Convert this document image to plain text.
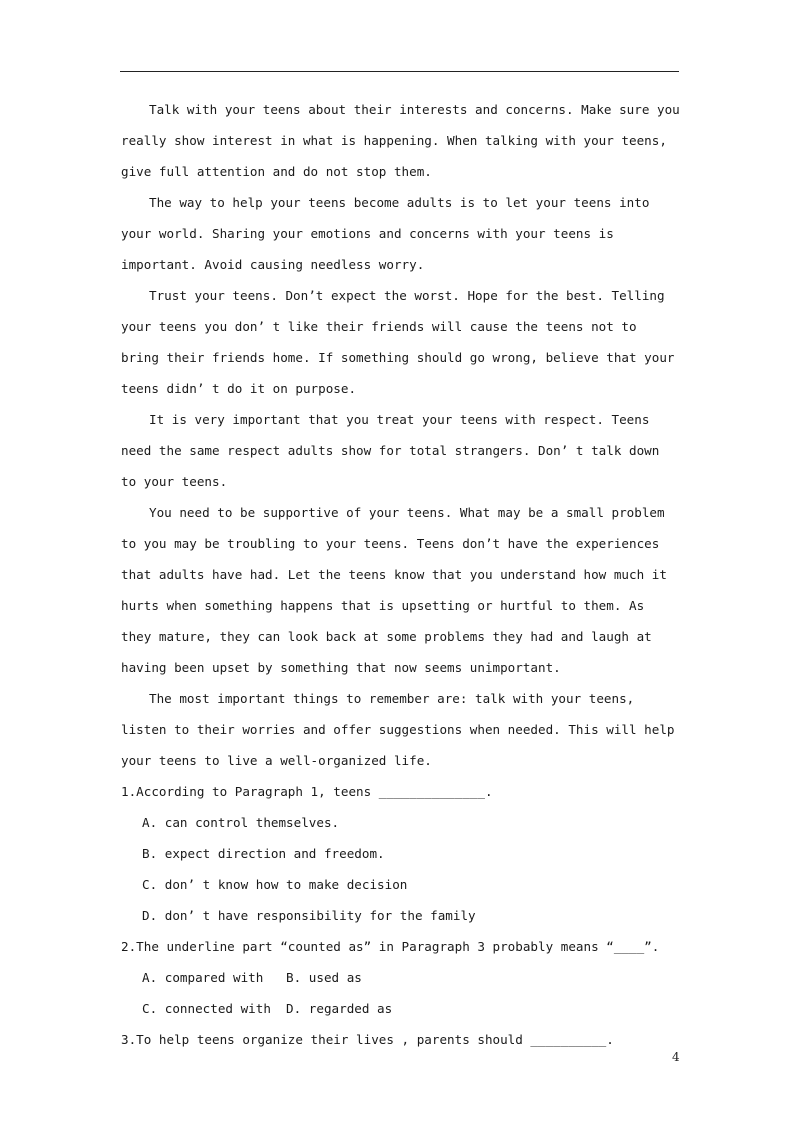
Talk with your teens about their interests and concerns. Make sure you really show interest in what is happening. When talking with your teens, give full attention and do not stop them.

The way to help your teens become adults is to let your teens into your world. Sharing your emotions and concerns with your teens is important. Avoid causing needless worry.

Trust your teens. Don’t expect the worst. Hope for the best. Telling your teens you don’ t like their friends will cause the teens not to bring their friends home. If something should go wrong, believe that your teens didn’ t do it on purpose.

It is very important that you treat your teens with respect. Teens need the same respect adults show for total strangers. Don’ t talk down to your teens.

You need to be supportive of your teens. What may be a small problem to you may be troubling to your teens. Teens don’t have the experiences that adults have had. Let the teens know that you understand how much it hurts when something happens that is upsetting or hurtful to them. As they mature, they can look back at some problems they had and laugh at having been upset by something that now seems unimportant.

The most important things to remember are: talk with your teens, listen to their worries and offer suggestions when needed. This will help your teens to live a well-organized life.

1.According to Paragraph 1, teens ______________.

A. can control themselves.

B. expect direction and freedom.

C. don’ t know how to make decision

D. don’ t have responsibility for the family

2.The underline part “counted as” in Paragraph 3 probably means “____”.

A. compared with   B. used as

C. connected with  D. regarded as

3.To help teens organize their lives , parents should __________.

4
